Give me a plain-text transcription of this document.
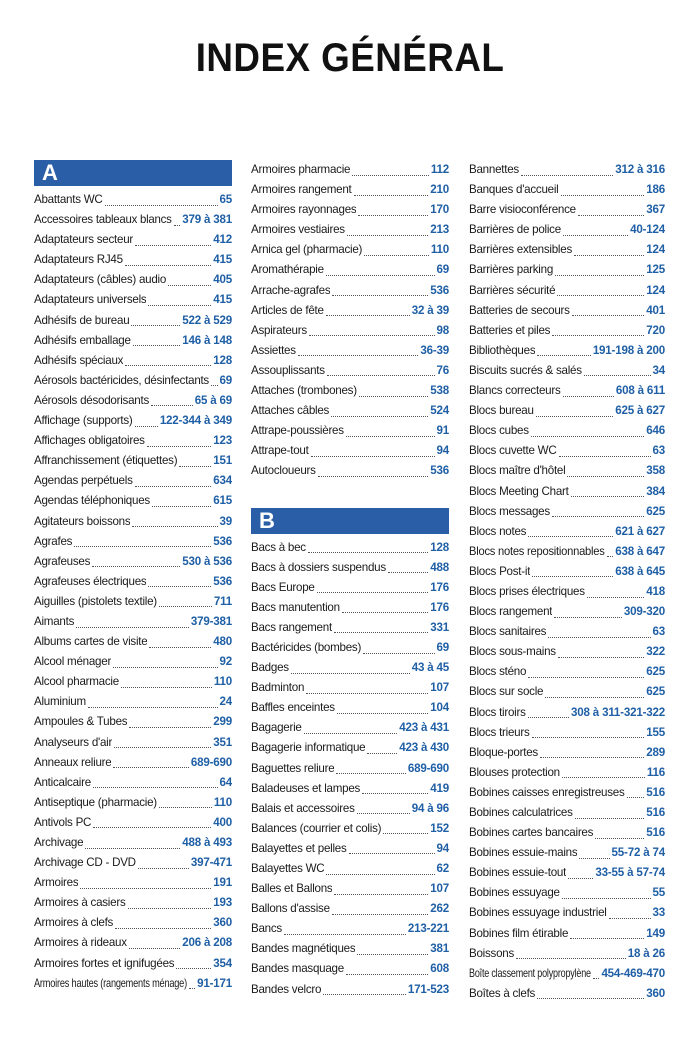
INDEX GÉNÉRAL
A
Abattants WC	65
Accessoires tableaux blancs 379 à 381
Adaptateurs secteur	412
Adaptateurs RJ45	415
Adaptateurs (câbles) audio	405
Adaptateurs universels	415
Adhésifs de bureau	522 à 529
Adhésifs emballage	146 à 148
Adhésifs spéciaux	128
Aérosols bactéricides, désinfectants 69
Aérosols désodorisants	65 à 69
Affichage (supports) 122-344 à 349
Affichages obligatoires	123
Affranchissement (étiquettes)	151
Agendas perpétuels	634
Agendas téléphoniques	615
Agitateurs boissons	39
Agrafes	536
Agrafeuses	530 à 536
Agrafeuses électriques	536
Aiguilles (pistolets textile)	711
Aimants	379-381
Albums cartes de visite	480
Alcool ménager	92
Alcool pharmacie	110
Aluminium	24
Ampoules & Tubes	299
Analyseurs d'air	351
Anneaux reliure	689-690
Anticalcaire	64
Antiseptique (pharmacie)	110
Antivols PC	400
Archivage	488 à 493
Archivage CD - DVD	397-471
Armoires	191
Armoires à casiers	193
Armoires à clefs	360
Armoires à rideaux	206 à 208
Armoires fortes et ignifugées	354
Armoires hautes (rangements ménage) 91-171
Armoires pharmacie	112
Armoires rangement	210
Armoires rayonnages	170
Armoires vestiaires	213
Arnica gel (pharmacie)	110
Aromathérapie	69
Arrache-agrafes	536
Articles de fête	32 à 39
Aspirateurs	98
Assiettes	36-39
Assouplissants	76
Attaches (trombones)	538
Attaches câbles	524
Attrape-poussières	91
Attrape-tout	94
Autocloueurs	536
B
Bacs à bec	128
Bacs à dossiers suspendus	488
Bacs Europe	176
Bacs manutention	176
Bacs rangement	331
Bactéricides (bombes)	69
Badges	43 à 45
Badminton	107
Baffles enceintes	104
Bagagerie	423 à 431
Bagagerie informatique	423 à 430
Baguettes reliure	689-690
Baladeuses et lampes	419
Balais et accessoires	94 à 96
Balances (courrier et colis)	152
Balayettes et pelles	94
Balayettes WC	62
Balles et Ballons	107
Ballons d'assise	262
Bancs	213-221
Bandes magnétiques	381
Bandes masquage	608
Bandes velcro	171-523
Bannettes	312 à 316
Banques d'accueil	186
Barre visioconférence	367
Barrières de police	40-124
Barrières extensibles	124
Barrières parking	125
Barrières sécurité	124
Batteries de secours	401
Batteries et piles	720
Bibliothèques	191-198 à 200
Biscuits sucrés & salés	34
Blancs correcteurs	608 à 611
Blocs bureau	625 à 627
Blocs cubes	646
Blocs cuvette WC	63
Blocs maître d'hôtel	358
Blocs Meeting Chart	384
Blocs messages	625
Blocs notes	621 à 627
Blocs notes repositionnables 638 à 647
Blocs Post-it	638 à 645
Blocs prises électriques	418
Blocs rangement	309-320
Blocs sanitaires	63
Blocs sous-mains	322
Blocs sténo	625
Blocs sur socle	625
Blocs tiroirs	308 à 311-321-322
Blocs trieurs	155
Bloque-portes	289
Blouses protection	116
Bobines caisses enregistreuses 516
Bobines calculatrices	516
Bobines cartes bancaires	516
Bobines essuie-mains	55-72 à 74
Bobines essuie-tout	33-55 à 57-74
Bobines essuyage	55
Bobines essuyage industriel	33
Bobines film étirable	149
Boissons	18 à 26
Boîte classement polypropylène 454-469-470
Boîtes à clefs	360
